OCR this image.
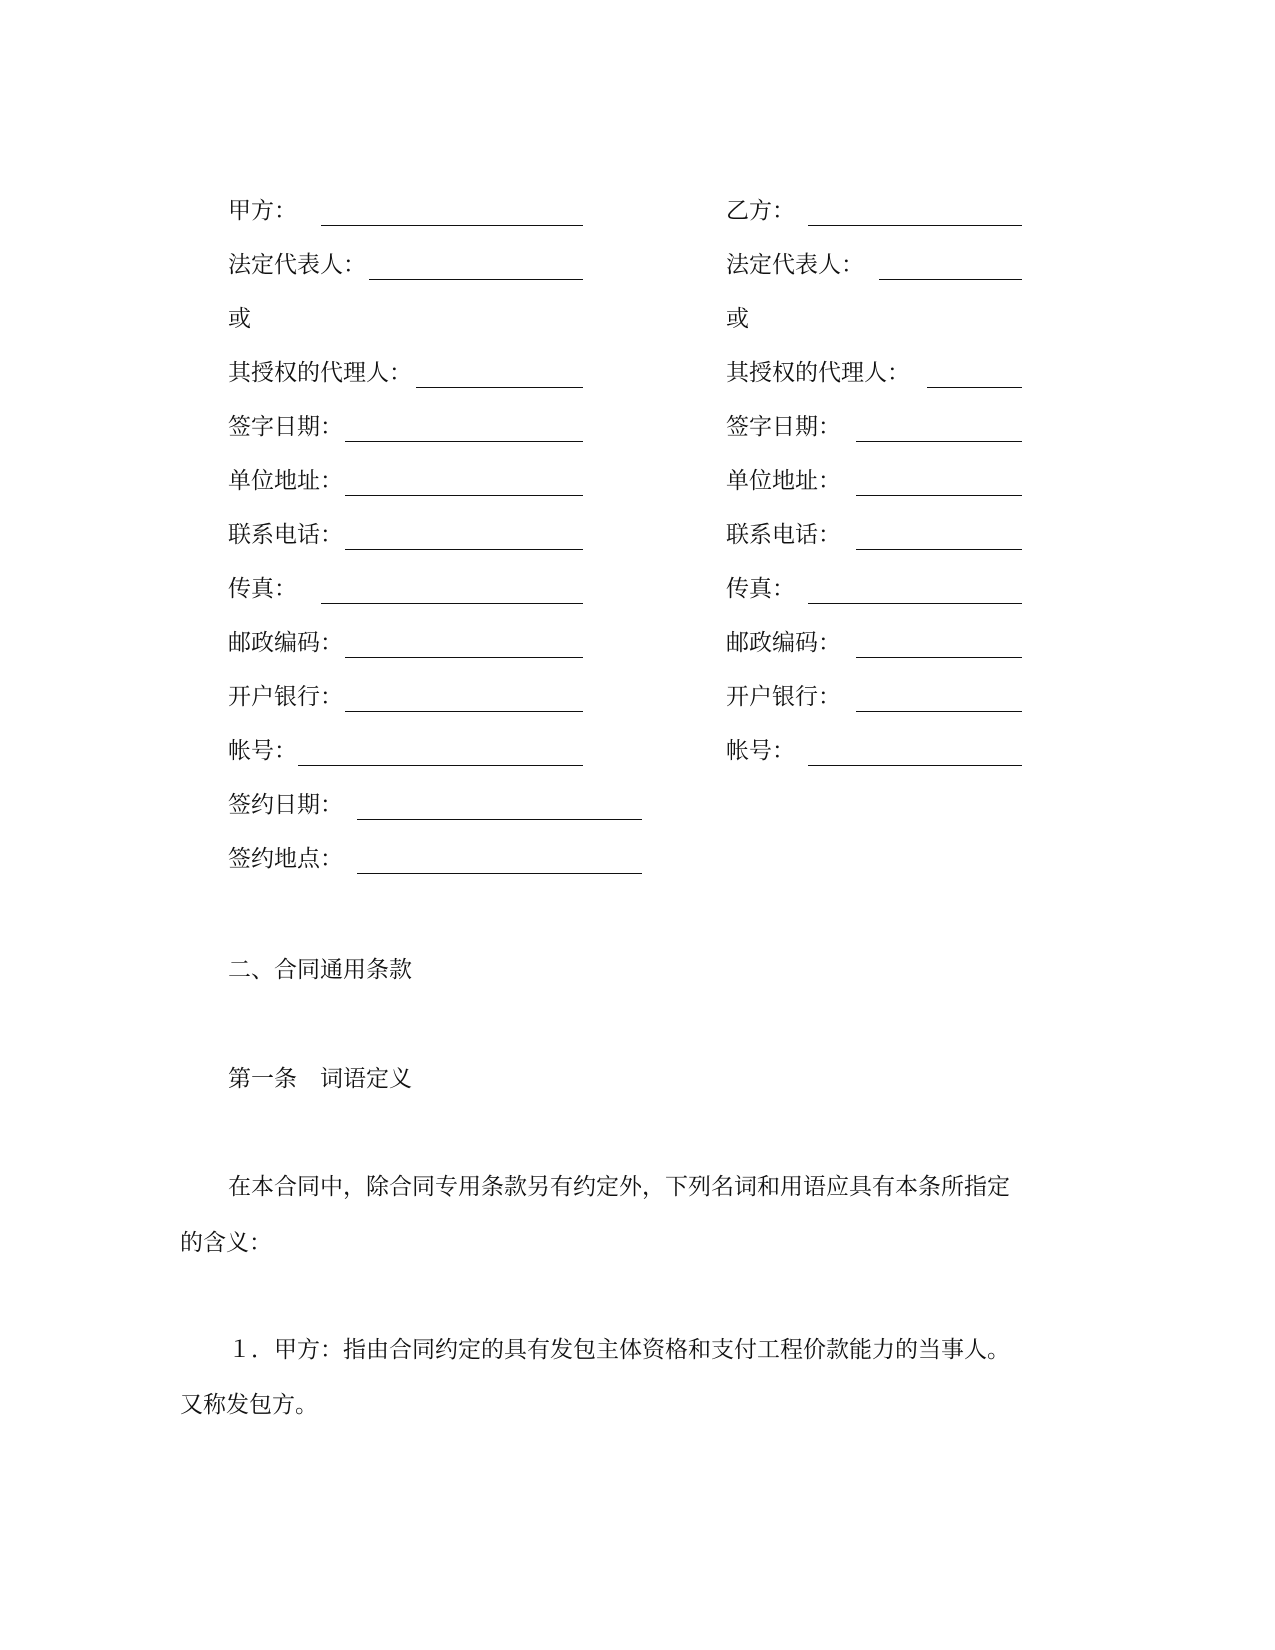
甲方：
法定代表人：
或
其授权的代理人：
签字日期：
单位地址：
联系电话：
传真：
邮政编码：
开户银行：
帐号：
乙方：
法定代表人：
或
其授权的代理人：
签字日期：
单位地址：
联系电话：
传真：
邮政编码：
开户银行：
帐号：
签约日期：
签约地点：
二、合同通用条款
第一条　词语定义
在本合同中，除合同专用条款另有约定外，下列名词和用语应具有本条所指定
的含义：
１．甲方：指由合同约定的具有发包主体资格和支付工程价款能力的当事人。
又称发包方。
